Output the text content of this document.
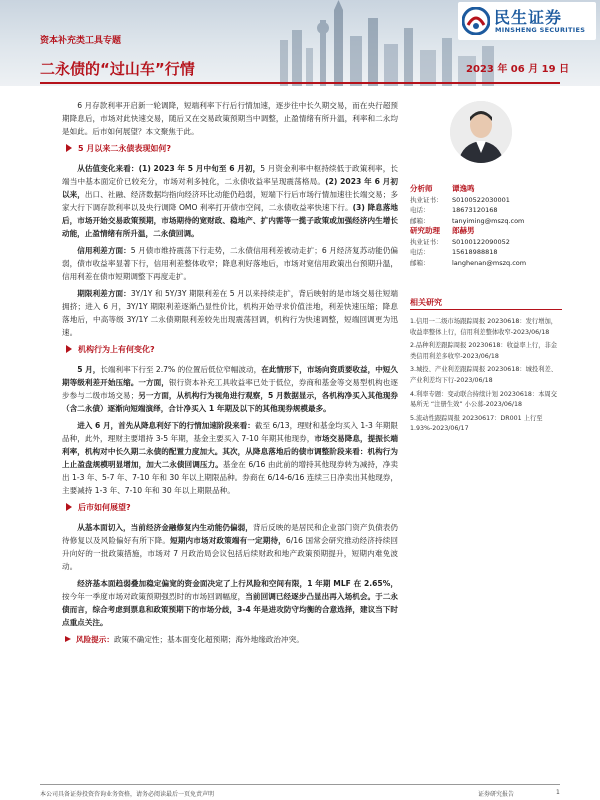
资本补充类工具专题
二永债的“过山车”行情	2023 年 06 月 19 日
民生证券
MINSHENG SECURITIES

6 月存款利率开启新一轮调降，短端利率下行后行情加速，逐步往中长久期交易，而在央行超预期降息后，市场对此快速交易，随后又在交易政策预期当中调整，止盈情绪有所升温，利率和二永均是如此。后市如何展望？本文聚焦于此。

5 月以来二永债表现如何?

从估值变化来看：(1) 2023 年 5 月中旬至 6 月初，5 月资金利率中枢持续低于政策利率，长端当中基本面定价已较充分，市场对利多钝化，二永债收益率呈现震荡格局。(2) 2023 年 6 月初以来，出口、社融、经济数据均指向经济环比动能仍趋弱，短端下行后市场行情加速往长端交易；多家大行下调存款利率以及央行调降 OMO 利率打开债市空间，二永债收益率快速下行。(3) 降息落地后，市场开始交易政策预期，市场期待的宽财政、稳地产、扩内需等一揽子政策或加强经济内生增长动能，止盈情绪有所升温，二永债回调。

信用利差方面：5 月债市维持震荡下行走势，二永债信用利差被动走扩；6 月经济复苏动能仍偏弱，债市收益率显著下行，信用利差整体收窄；降息利好落地后，市场对宽信用政策出台预期升温，信用利差在债市短期调整下再度走扩。

期限利差方面：3Y/1Y 和 5Y/3Y 期限利差在 5 月以来持续走扩，背后映射的是市场交易往短端拥挤；进入 6 月，3Y/1Y 期限利差逐渐凸显性价比，机构开始寻求价值洼地，利差快速压缩；降息落地后，中高等级 3Y/1Y 二永债期限利差较先出现震荡回调，机构行为快速调整，短端回调更为迅速。

机构行为上有何变化?

5 月，长端利率下行至 2.7% 的位置后低位窄幅波动，在此情形下，市场向资质要收益，中短久期等级利差开始压缩。一方面，银行资本补充工具收益率已处于低位，券商和基金等交易型机构也逐步参与二级市场交易；另一方面，从机构行为视角进行观察，5 月数据显示，各机构净买入其他现券（含二永债）逐渐向短端演绎，合计净买入 1 年期及以下的其他现券规模最多。

进入 6 月，首先从降息利好下的行情加速阶段来看：截至 6/13，理财和基金均买入 1-3 年期限品种，此外，理财主要增持 3-5 年期，基金主要买入 7-10 年期其他现券，市场交易降息，提振长端利率，机构对中长久期二永债的配置力度加大。其次，从降息落地后的债市调整阶段来看：机构行为上止盈盘规模明显增加，加大二永债回调压力。基金在 6/16 由此前的增持其他现券转为减持，净卖出 1-3 年、5-7 年、7-10 年和 30 年以上期限品种。券商在 6/14-6/16 连续三日净卖出其他现券，主要减持 1-3 年、7-10 年和 30 年以上期限品种。

后市如何展望?

从基本面切入，当前经济金融修复内生动能仍偏弱，背后反映的是居民和企业部门资产负债表仍待修复以及风险偏好有所下降。短期内市场对政策端有一定期待，6/16 国常会研究推动经济持续回升向好的一批政策措施，市场对 7 月政治局会议包括后续财政和地产政策预期提升，短期内难免波动。

经济基本面趋弱叠加稳定偏宽的资金面决定了上行风险和空间有限，1 年期 MLF 在 2.65%，按今年一季度市场对政策预期强烈时的市场回调幅度，当前回调已经逐步凸显出再入场机会。于二永债而言，综合考虑到票息和政策预期下的市场分歧，3-4 年是进攻防守均衡的合意选择，建议当下时点重点关注。

风险提示：政策不确定性；基本面变化超预期；海外地缘政治冲突。
分析师	谭逸鸣
执业证书：	S0100522030001
电话：	18673120168
邮箱：	tanyiming@mszq.com
研究助理	郎赫男
执业证书：	S0100122090052
电话：	15618988818
邮箱：	langhenan@mszq.com
相关研究
1.信用一二级市场跟踪周报 20230618：发行增加，收益率整体上行，信用利差整体收窄-2023/06/18
2.品种利差跟踪周报 20230618：收益率上行，非金类信用利差多收窄-2023/06/18
3.城投、产业利差跟踪周报 20230618：城投利差、产业利差均下行-2023/06/18
4.利率专题：变动联合持续计划 20230618：本周交易所无 “注册生效” 小公募-2023/06/18
5.流动性跟踪周报 20230617：DR001 上行至 1.93%-2023/06/17
本公司具备证券投资咨询业务资格，请务必阅读最后一页免责声明	证券研究报告	1
